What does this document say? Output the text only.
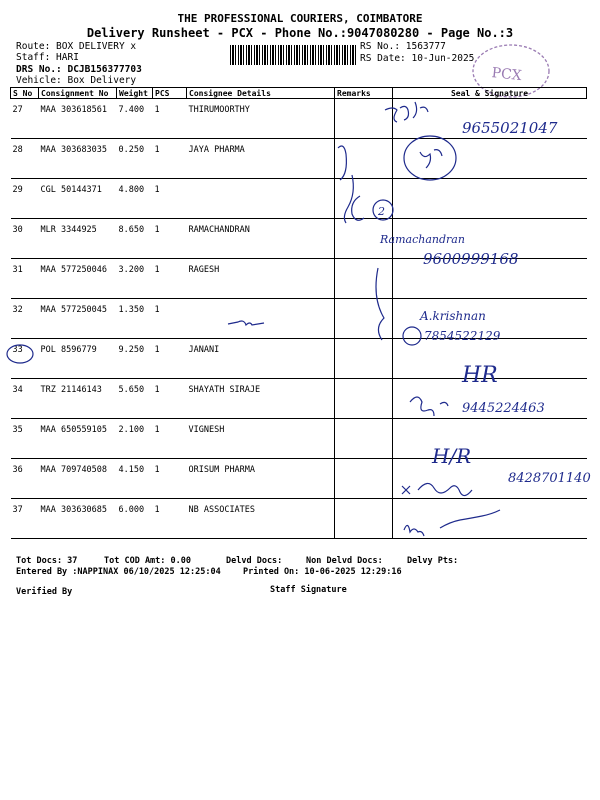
THE PROFESSIONAL COURIERS, COIMBATORE
Delivery Runsheet - PCX - Phone No.:9047080280 - Page No.:3
Route: BOX DELIVERY x
Staff: HARI
DRS No.: DCJB156377703
Vehicle: Box Delivery
RS No.: 1563777
RS Date: 10-Jun-2025
PCX
S No	Consignment No	Weight	PCS	Consignee Details	Remarks	Seal & Signature
27	MAA 303618561	7.400	1	THIRUMOORTHY		
28	MAA 303683035	0.250	1	JAYA PHARMA		
29	CGL 50144371	4.800	1			
30	MLR 3344925	8.650	1	RAMACHANDRAN		
31	MAA 577250046	3.200	1	RAGESH		
32	MAA 577250045	1.350	1			
33	POL 8596779	9.250	1	JANANI		
34	TRZ 21146143	5.650	1	SHAYATH SIRAJE		
35	MAA 650559105	2.100	1	VIGNESH		
36	MAA 709740508	4.150	1	ORISUM PHARMA		
37	MAA 303630685	6.000	1	NB ASSOCIATES		
9655021047
2
Ramachandran
9600999168
A.krishnan
7854522129
HR
9445224463
H/R
8428701140
Tot Docs: 37	Tot COD Amt: 0.00	Delvd Docs:	Non Delvd Docs:	Delvy Pts:
Entered By :NAPPINAX 06/10/2025 12:25:04	Printed On: 10-06-2025 12:29:16
Verified By	Staff Signature
